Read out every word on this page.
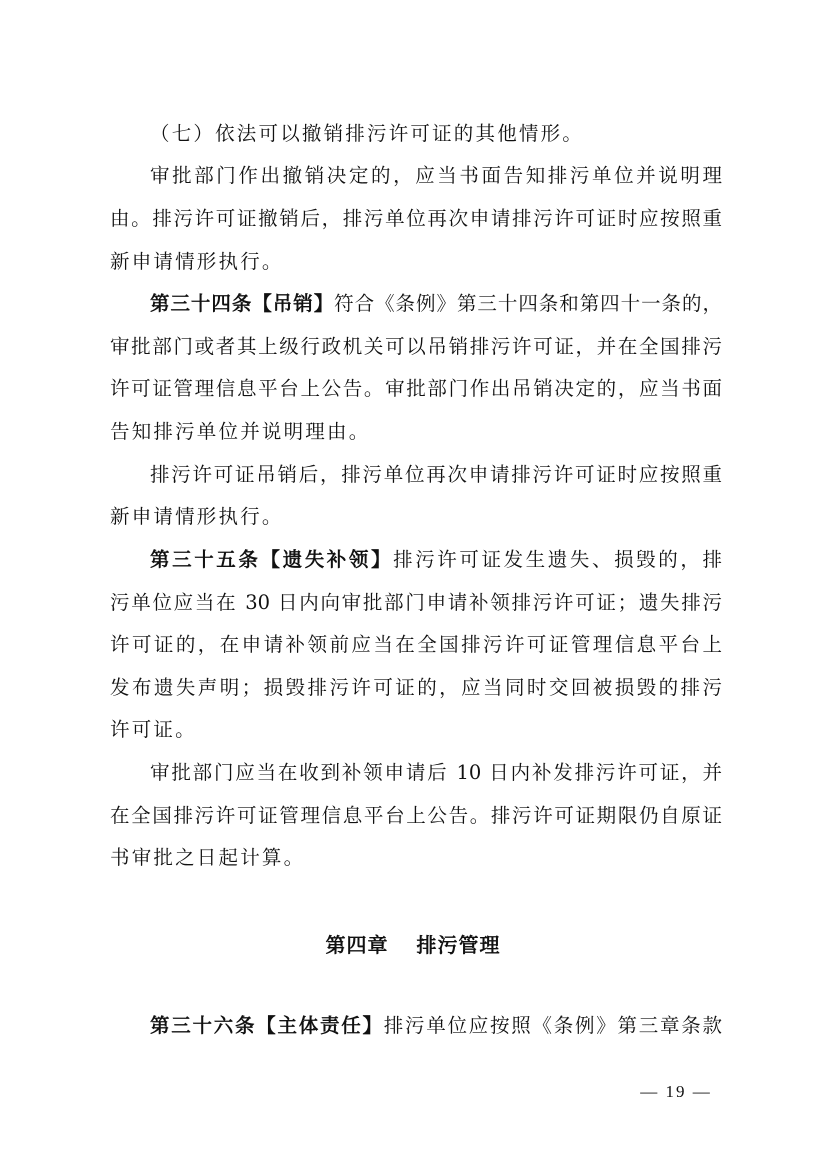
（七）依法可以撤销排污许可证的其他情形。
审批部门作出撤销决定的，应当书面告知排污单位并说明理
由。排污许可证撤销后，排污单位再次申请排污许可证时应按照重
新申请情形执行。
第三十四条【吊销】符合《条例》第三十四条和第四十一条的，
审批部门或者其上级行政机关可以吊销排污许可证，并在全国排污
许可证管理信息平台上公告。审批部门作出吊销决定的，应当书面
告知排污单位并说明理由。
排污许可证吊销后，排污单位再次申请排污许可证时应按照重
新申请情形执行。
第三十五条【遗失补领】排污许可证发生遗失、损毁的，排
污单位应当在 30 日内向审批部门申请补领排污许可证；遗失排污
许可证的，在申请补领前应当在全国排污许可证管理信息平台上
发布遗失声明；损毁排污许可证的，应当同时交回被损毁的排污
许可证。
审批部门应当在收到补领申请后 10 日内补发排污许可证，并
在全国排污许可证管理信息平台上公告。排污许可证期限仍自原证
书审批之日起计算。
第四章 排污管理
第三十六条【主体责任】排污单位应按照《条例》第三章条款
— 19 —
